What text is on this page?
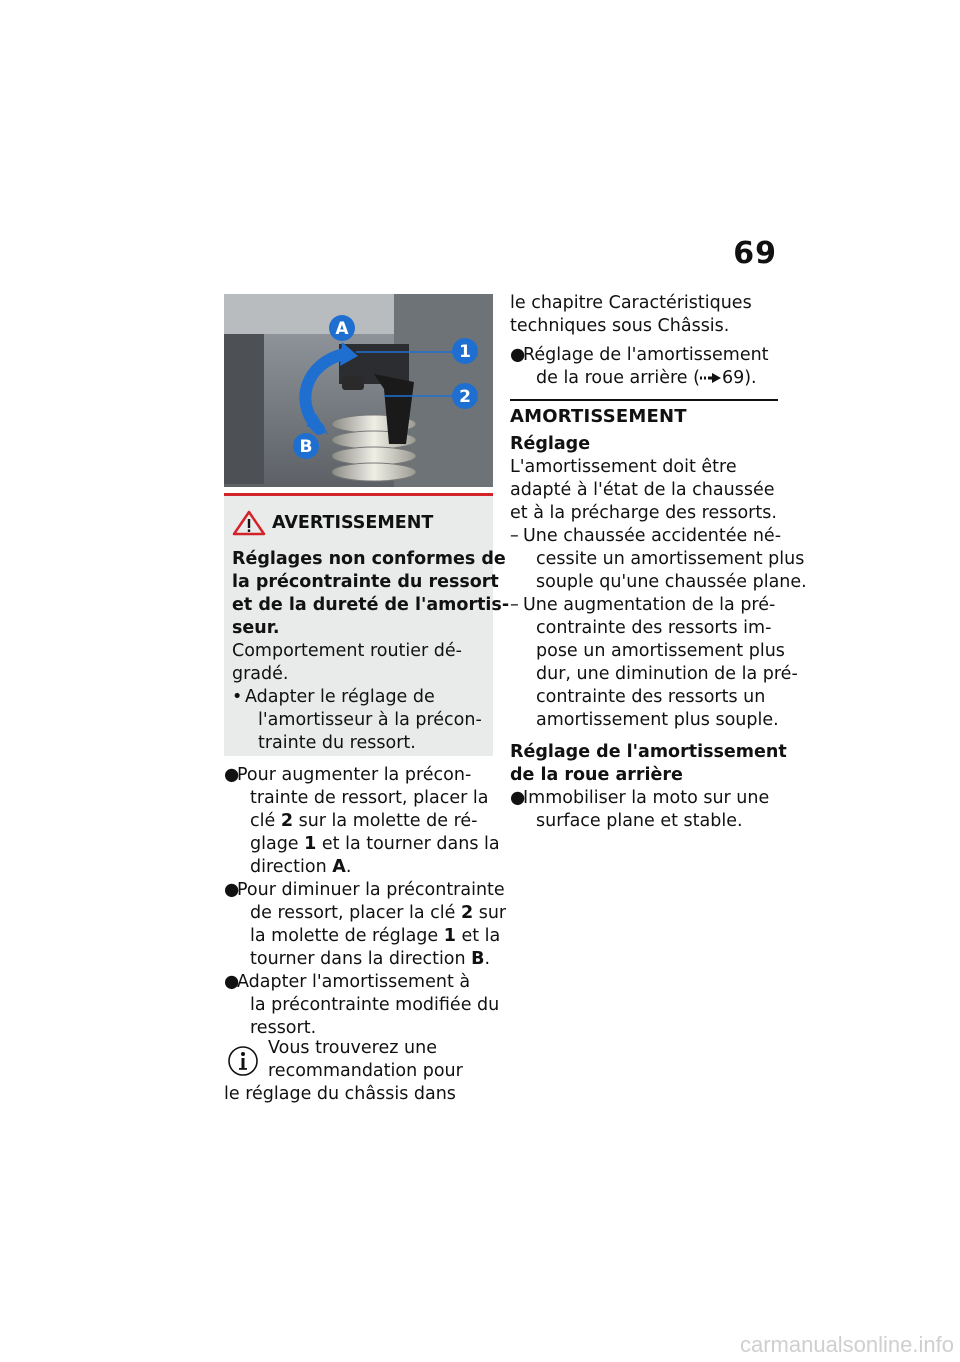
69
A
1
2
B
AVERTISSEMENT
Réglages non conformes de
la précontrainte du ressort
et de la dureté de l'amortis-
seur.
Comportement routier dé-
gradé.
• Adapter le réglage de
l'amortisseur à la précon-
trainte du ressort.
●
Pour augmenter la précon-
trainte de ressort, placer la
clé 2 sur la molette de ré-
glage 1 et la tourner dans la
direction A.
●
Pour diminuer la précontrainte
de ressort, placer la clé 2 sur
la molette de réglage 1 et la
tourner dans la direction B.
●
Adapter l'amortissement à
la précontrainte modifiée du
ressort.
Vous trouverez une
recommandation pour
le réglage du châssis dans
le chapitre Caractéristiques
techniques sous Châssis.
●
Réglage de l'amortissement
de la roue arrière ( 69).
AMORTISSEMENT
Réglage
L'amortissement doit être
adapté à l'état de la chaussée
et à la précharge des ressorts.
– Une chaussée accidentée né-
cessite un amortissement plus
souple qu'une chaussée plane.
– Une augmentation de la pré-
contrainte des ressorts im-
pose un amortissement plus
dur, une diminution de la pré-
contrainte des ressorts un
amortissement plus souple.
Réglage de l'amortissement
de la roue arrière
●
Immobiliser la moto sur une
surface plane et stable.
carmanualsonline.info
